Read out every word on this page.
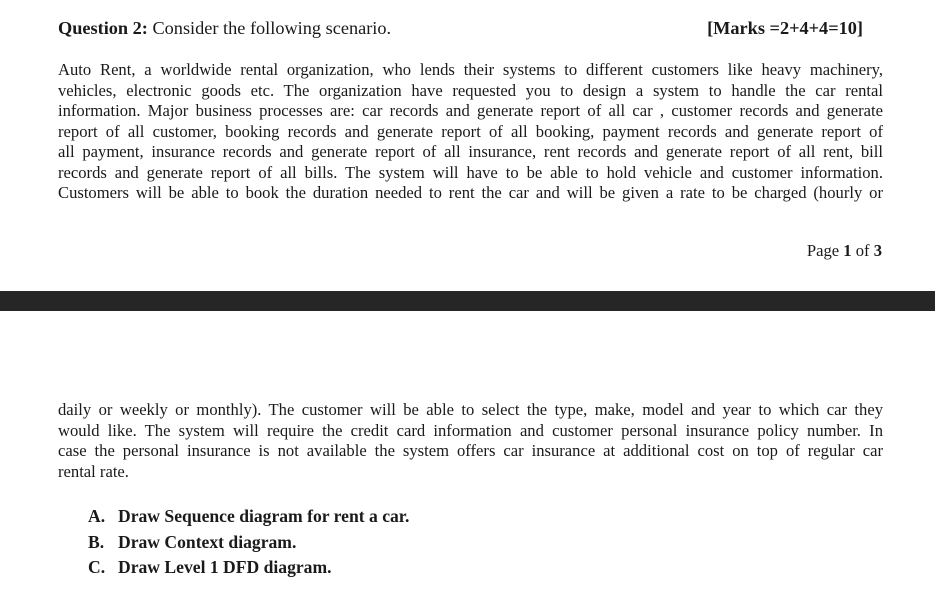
Question 2: Consider the following scenario.	[Marks =2+4+4=10]
Auto Rent, a worldwide rental organization, who lends their systems to different customers like heavy machinery,
vehicles, electronic goods etc. The organization have requested you to design a system to handle the car rental
information. Major business processes are: car records and generate report of all car , customer records and generate
report of all customer, booking records and generate report of all booking, payment records and generate report of
all payment, insurance records and generate report of all insurance, rent records and generate report of all rent, bill
records and generate report of all bills. The system will have to be able to hold vehicle and customer information.
Customers will be able to book the duration needed to rent the car and will be given a rate to be charged (hourly or
Page 1 of 3
daily or weekly or monthly). The customer will be able to select the type, make, model and year to which car they
would like. The system will require the credit card information and customer personal insurance policy number. In
case the personal insurance is not available the system offers car insurance at additional cost on top of regular car
rental rate.
A. Draw Sequence diagram for rent a car.
B. Draw Context diagram.
C. Draw Level 1 DFD diagram.
